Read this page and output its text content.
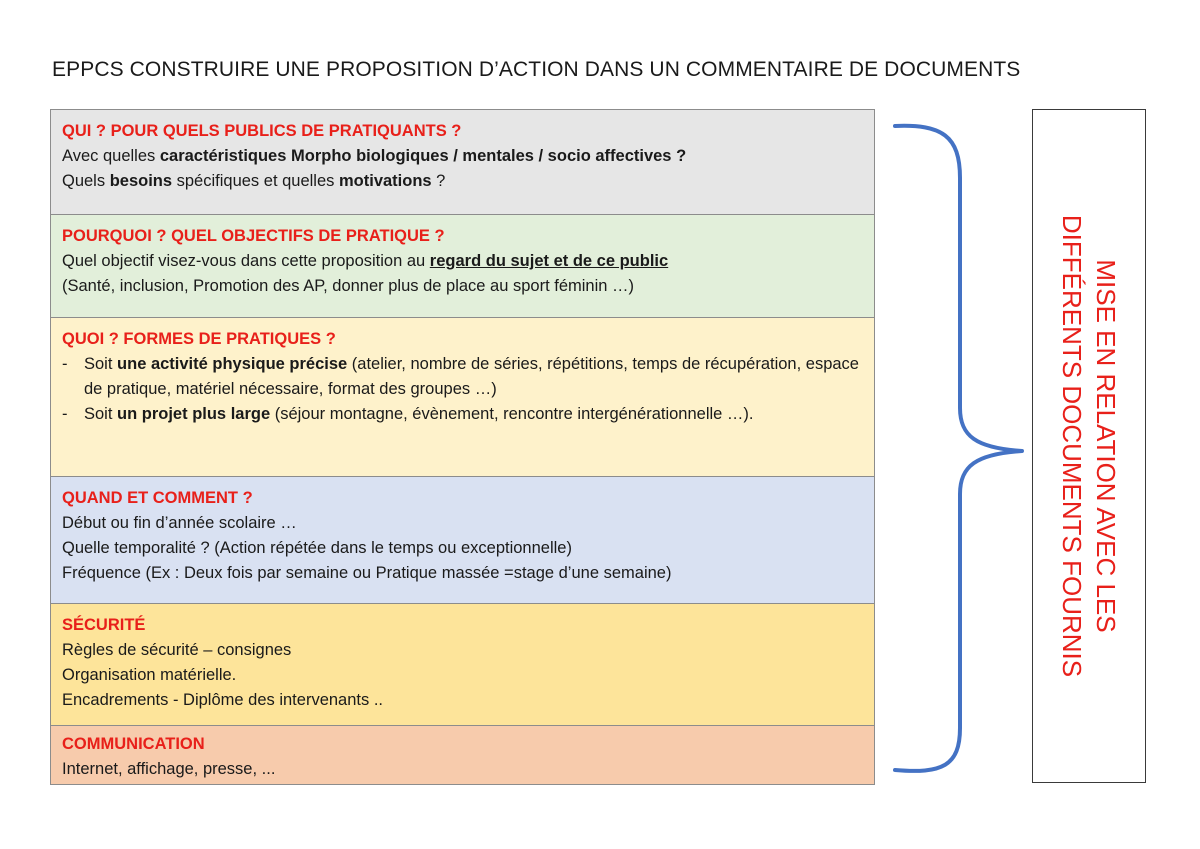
EPPCS CONSTRUIRE UNE PROPOSITION D’ACTION DANS UN COMMENTAIRE DE DOCUMENTS
QUI ? POUR QUELS PUBLICS DE PRATIQUANTS ?
Avec quelles caractéristiques Morpho biologiques / mentales / socio affectives ?
Quels besoins spécifiques et quelles motivations ?
POURQUOI ? QUEL OBJECTIFS DE PRATIQUE ?
Quel objectif visez-vous dans cette proposition au regard du sujet et de ce public
(Santé, inclusion, Promotion des AP, donner plus de place au sport féminin …)
QUOI ? FORMES DE PRATIQUES ?
-	Soit une activité physique précise (atelier, nombre de séries, répétitions, temps de récupération, espace de pratique, matériel nécessaire, format des groupes …)
-	Soit un projet plus large (séjour montagne, évènement, rencontre intergénérationnelle …).
QUAND ET COMMENT ?
Début ou fin d’année scolaire …
Quelle temporalité ? (Action répétée dans le temps ou exceptionnelle)
Fréquence (Ex : Deux fois par semaine ou Pratique massée =stage d’une semaine)
SÉCURITÉ
Règles de sécurité – consignes
Organisation matérielle.
Encadrements - Diplôme des intervenants ..
COMMUNICATION
Internet, affichage, presse, ...
MISE EN RELATION AVEC LES
DIFFÉRENTS DOCUMENTS FOURNIS
